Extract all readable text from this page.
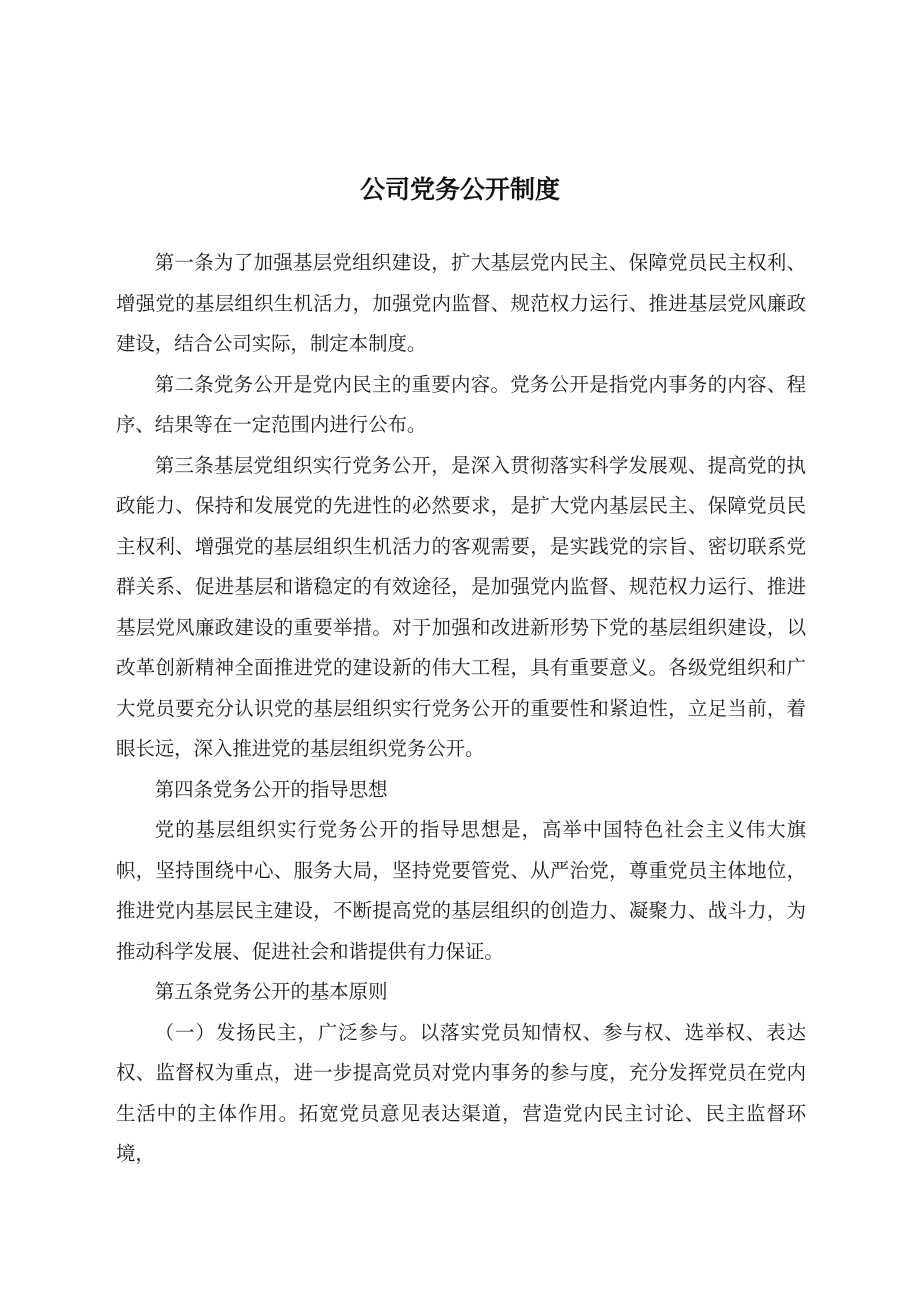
公司党务公开制度

第一条为了加强基层党组织建设，扩大基层党内民主、保障党员民主权利、增强党的基层组织生机活力，加强党内监督、规范权力运行、推进基层党风廉政建设，结合公司实际，制定本制度。

第二条党务公开是党内民主的重要内容。党务公开是指党内事务的内容、程序、结果等在一定范围内进行公布。

第三条基层党组织实行党务公开，是深入贯彻落实科学发展观、提高党的执政能力、保持和发展党的先进性的必然要求，是扩大党内基层民主、保障党员民主权利、增强党的基层组织生机活力的客观需要，是实践党的宗旨、密切联系党群关系、促进基层和谐稳定的有效途径，是加强党内监督、规范权力运行、推进基层党风廉政建设的重要举措。对于加强和改进新形势下党的基层组织建设，以改革创新精神全面推进党的建设新的伟大工程，具有重要意义。各级党组织和广大党员要充分认识党的基层组织实行党务公开的重要性和紧迫性，立足当前，着眼长远，深入推进党的基层组织党务公开。

第四条党务公开的指导思想

党的基层组织实行党务公开的指导思想是，高举中国特色社会主义伟大旗帜，坚持围绕中心、服务大局，坚持党要管党、从严治党，尊重党员主体地位，推进党内基层民主建设，不断提高党的基层组织的创造力、凝聚力、战斗力，为推动科学发展、促进社会和谐提供有力保证。

第五条党务公开的基本原则

（一）发扬民主，广泛参与。以落实党员知情权、参与权、选举权、表达权、监督权为重点，进一步提高党员对党内事务的参与度，充分发挥党员在党内生活中的主体作用。拓宽党员意见表达渠道，营造党内民主讨论、民主监督环境，
